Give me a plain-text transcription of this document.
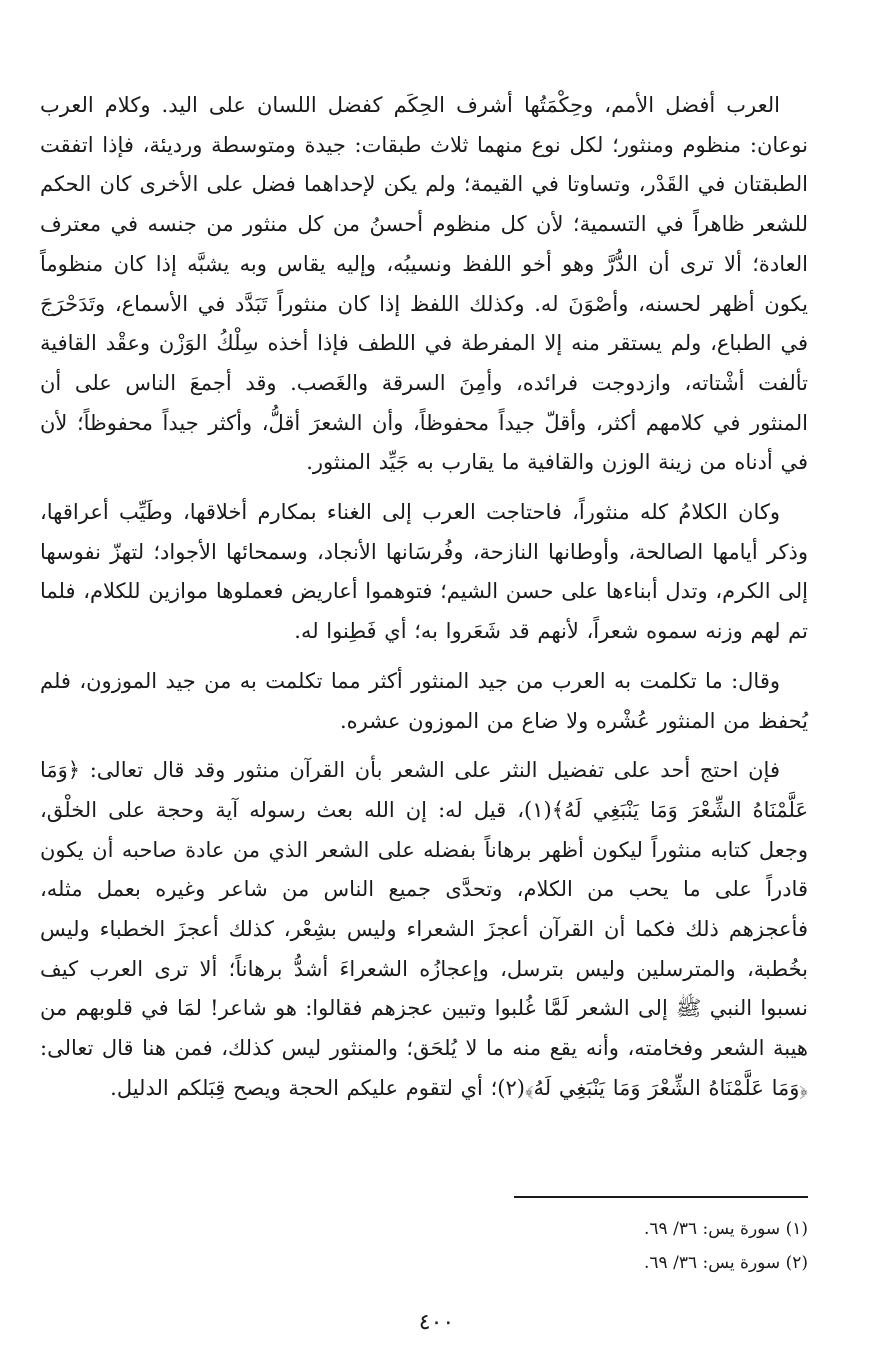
العرب أفضل الأمم، وحِكْمَتُها أشرف الحِكَم كفضل اللسان على اليد. وكلام العرب نوعان: منظوم ومنثور؛ لكل نوع منهما ثلاث طبقات: جيدة ومتوسطة ورديئة، فإذا اتفقت الطبقتان في القَدْر، وتساوتا في القيمة؛ ولم يكن لإحداهما فضل على الأخرى كان الحكم للشعر ظاهراً في التسمية؛ لأن كل منظوم أحسنُ من كل منثور من جنسه في معترف العادة؛ ألا ترى أن الدُّرَّ وهو أخو اللفظ ونسيبُه، وإليه يقاس وبه يشبَّه إذا كان منظوماً يكون أظهر لحسنه، وأصْوَنَ له. وكذلك اللفظ إذا كان منثوراً تَبَدَّد في الأسماع، وتَدَحْرَجَ في الطباع، ولم يستقر منه إلا المفرطة في اللطف فإذا أخذه سِلْكُ الوَزْن وعقْد القافية تألفت أشْتاته، وازدوجت فرائده، وأمِنَ السرقة والغَصب. وقد أجمعَ الناس على أن المنثور في كلامهم أكثر، وأقلّ جيداً محفوظاً، وأن الشعرَ أقلُّ، وأكثر جيداً محفوظاً؛ لأن في أدناه من زينة الوزن والقافية ما يقارب به جَيِّد المنثور.

وكان الكلامُ كله منثوراً، فاحتاجت العرب إلى الغناء بمكارم أخلاقها، وطَيِّب أعراقها، وذكر أيامها الصالحة، وأوطانها النازحة، وفُرسَانها الأنجاد، وسمحائها الأجواد؛ لتهزّ نفوسها إلى الكرم، وتدل أبناءها على حسن الشيم؛ فتوهموا أعاريض فعملوها موازين للكلام، فلما تم لهم وزنه سموه شعراً، لأنهم قد شَعَروا به؛ أي فَطِنوا له.

وقال: ما تكلمت به العرب من جيد المنثور أكثر مما تكلمت به من جيد الموزون، فلم يُحفظ من المنثور عُشْره ولا ضاع من الموزون عشره.

فإن احتج أحد على تفضيل النثر على الشعر بأن القرآن منثور وقد قال تعالى: ﴿وَمَا عَلَّمْنَاهُ الشِّعْرَ وَمَا يَنْبَغِي لَهُ﴾(١)، قيل له: إن الله بعث رسوله آية وحجة على الخلْق، وجعل كتابه منثوراً ليكون أظهر برهاناً بفضله على الشعر الذي من عادة صاحبه أن يكون قادراً على ما يحب من الكلام، وتحدَّى جميع الناس من شاعر وغيره بعمل مثله، فأعجزهم ذلك فكما أن القرآن أعجزَ الشعراء وليس بشِعْر، كذلك أعجزَ الخطباء وليس بخُطبة، والمترسلين وليس بترسل، وإعجازُه الشعراءَ أشدُّ برهاناً؛ ألا ترى العرب كيف نسبوا النبي ﷺ إلى الشعر لَمَّا غُلبوا وتبين عجزهم فقالوا: هو شاعر! لمَا في قلوبهم من هيبة الشعر وفخامته، وأنه يقع منه ما لا يُلحَق؛ والمنثور ليس كذلك، فمن هنا قال تعالى: ﴿وَمَا عَلَّمْنَاهُ الشِّعْرَ وَمَا يَنْبَغِي لَهُ﴾(٢)؛ أي لتقوم عليكم الحجة ويصح قِبَلكم الدليل.

(١) سورة يس: ٣٦/ ٦٩.

(٢) سورة يس: ٣٦/ ٦٩.

٤٠٠
